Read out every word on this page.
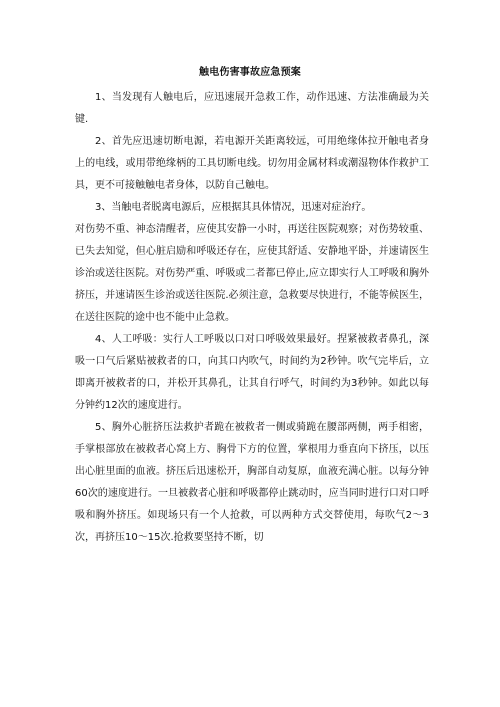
触电伤害事故应急预案

1、当发现有人触电后，应迅速展开急救工作，动作迅速、方法准确最为关键.

2、首先应迅速切断电源，若电源开关距离较远，可用绝缘体拉开触电者身上的电线，或用带绝缘柄的工具切断电线。切勿用金属材料或潮湿物体作救护工具，更不可接触触电者身体，以防自己触电。

3、当触电者脱离电源后，应根据其具体情况，迅速对症治疗。

对伤势不重、神态清醒者，应使其安静一小时，再送往医院观察；对伤势较重、已失去知觉，但心脏启励和呼吸还存在，应使其舒适、安静地平卧，并速请医生诊治或送往医院。对伤势严重、呼吸或二者都已停止,应立即实行人工呼吸和胸外挤压，并速请医生诊治或送往医院.必须注意，急救要尽快进行，不能等候医生，在送往医院的途中也不能中止急救。

4、人工呼吸：实行人工呼吸以口对口呼吸效果最好。捏紧被救者鼻孔，深吸一口气后紧贴被救者的口，向其口内吹气，时间约为2秒钟。吹气完毕后，立即离开被救者的口，并松开其鼻孔，让其自行呼气，时间约为3秒钟。如此以每分钟约12次的速度进行。

5、胸外心脏挤压法救护者跪在被救者一侧或骑跪在腰部两侧，两手相密，手掌根部放在被救者心窝上方、胸骨下方的位置，掌根用力垂直向下挤压，以压出心脏里面的血液。挤压后迅速松开，胸部自动复原，血液充满心脏。以每分钟60次的速度进行。一旦被救者心脏和呼吸都停止跳动时，应当同时进行口对口呼吸和胸外挤压。如现场只有一个人抢救，可以两种方式交替使用，每吹气2～3次，再挤压10～15次.抢救要坚持不断，切
